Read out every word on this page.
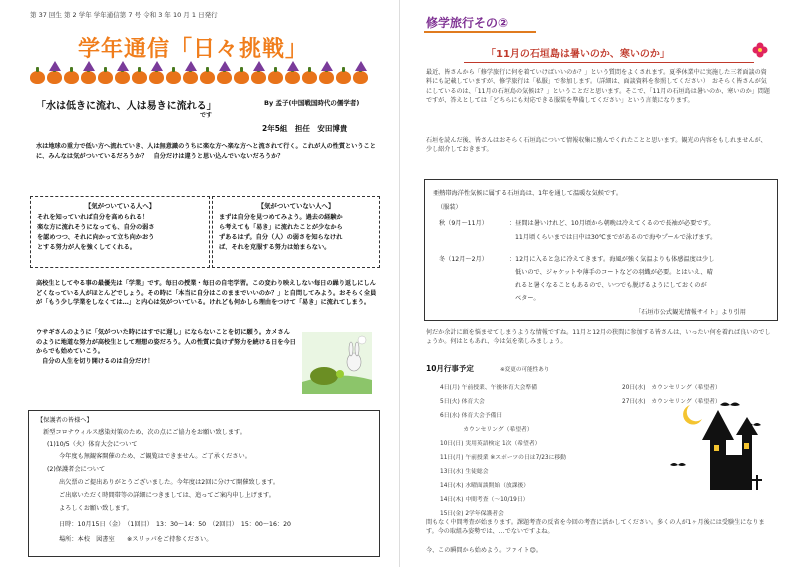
第 37 回生 第 2 学年 学年通信第 7 号 令和 3 年 10 月 1 日発行
学年通信「日々挑戦」
「水は低きに流れ、人は易きに流れる」	By 孟子(中国戦国時代の儒学者)
です
2年5組　担任　安田博貴
水は地球の重力で低い方へ流れていき、人は無意識のうちに楽な方へ楽な方へと流されて行く。これが人の性質ということに、みんなは気がついているだろうか？　自分だけは違うと思い込んでいないだろうか？
【気がついている人へ】
それを知っていれば自分を高められる！
楽な方に流れそうになっても、自分の弱さ
を認めつつ、それに向かって立ち向かおう
とする努力が人を強くしてくれる。
【気がついていない人へ】
まずは自分を見つめてみよう。過去の経験か
ら考えても「易き」に流れたことが少なから
ずあるはず。自分（人）の弱さを知らなけれ
ば、それを克服する努力は始まらない。
高校生としてやる事の最優先は「学業」です。毎日の授業・毎日の自宅学習。この変わり映えしない毎日の繰り返しにしんどくなっている人がほとんどでしょう。その時に「本当に自分はこのままでいいのか？」と自問してみよう。おそらく全員が「もう少し学業をしなくては…」と内心は気がついている。けれども何かしら理由をつけて「易き」に流れてしまう。
ウサギさんのように「気がついた時にはすでに遅し」にならないことを切に願う。カメさんのように地道な努力が高校生として理想の姿だろう。人の性質に負けず努力を続ける日を今日からでも始めていこう。
　自分の人生を切り開けるのは自分だけ！
【保護者の皆様へ】
新型コロナウィルス感染対策のため、次の点にご協力をお願い致します。
(1)10/5（火）体育大会について
今年度も無観客開催のため、ご観覧はできません。ご了承ください。
(2)保護者会について
出欠票のご提出ありがとうございました。今年度は2回に分けて開催致します。
ご出席いただく時間帯等の詳細につきましては、追ってご案内申し上げます。
よろしくお願い致します。
日時：10月15日（金）　（1回目）　13：30～14：50　（2回目）　15：00～16：20
場所：本校　図書室　　※スリッパをご持参ください。
修学旅行その②
「11月の石垣島は暑いのか、寒いのか」
最近、皆さんから「修学旅行に何を着ていけばいいのか？」という質問をよくされます。夏季休業中に実施した三者面談の資料にも記載していますが、修学旅行は「私服」で参加します。（詳細は、面談資料を参照してください）　おそらく皆さんが気にしているのは、「11月の石垣島の気候は？」ということだと思います。そこで、「11月の石垣島は暑いのか、寒いのか」問題ですが、答えとしては「どちらにも対応できる服装を準備してください」という言葉になります。
石垣を読んだ後、皆さんはおそらく石垣島について情報収集に励んでくれたことと思います。観光の内容をもしれませんが、少し紹介しておきます。
亜熱帯海洋性気候に属する石垣島は、1年を通して温暖な気候です。
（服装）
秋（9月～11月）	：昼間は暑いけれど、10月頃から朝晩は冷えてくるので長袖が必要です。
11月頃くらいまでは日中は30℃までがあるので海やプールで泳げます。
冬（12月～2月）	：12月に入ると急に冷えてきます。海風が強く気温よりも体感温度は少し
低いので、ジャケットや薄手のコートなどの羽織が必要。とはいえ、晴
れると暑くなることもあるので、いつでも脱げるようにしておくのが
ベター。
「石垣市公式観光情報サイト」より引用
何だか余計に頭を悩ませてしまうような情報ですね。11月と12月の狭間に参加する皆さんは、いったい何を着れば良いのでしょうか。何はともあれ、今は気を楽しみましょう。
10月行事予定	※変更の可能性あり
4日(月) 午前授業、午後体育大会準備
5日(火) 体育大会
6日(水) 体育大会予備日
　　　　カウンセリング（希望者）
10日(日) 実用英語検定 1次（希望者）
11日(月) 午前授業 ※スポーツの日は7/23に移動
13日(水) 生徒総会
14日(木) 水曜面談開始（放課後）
14日(木) 中間考査（～10/19日）
15日(金) 2学年保護者会
20日(水)　カウンセリング（希望者）
27日(水)　カウンセリング（希望者）
間もなく中間考査が始まります。課題考査の反省を今回の考査に活かしてください。多くの人が1ヶ月後には受験生になります。今の取組み姿勢では、…でないですよね。
今、この瞬間から始めよう。ファイト😊。
